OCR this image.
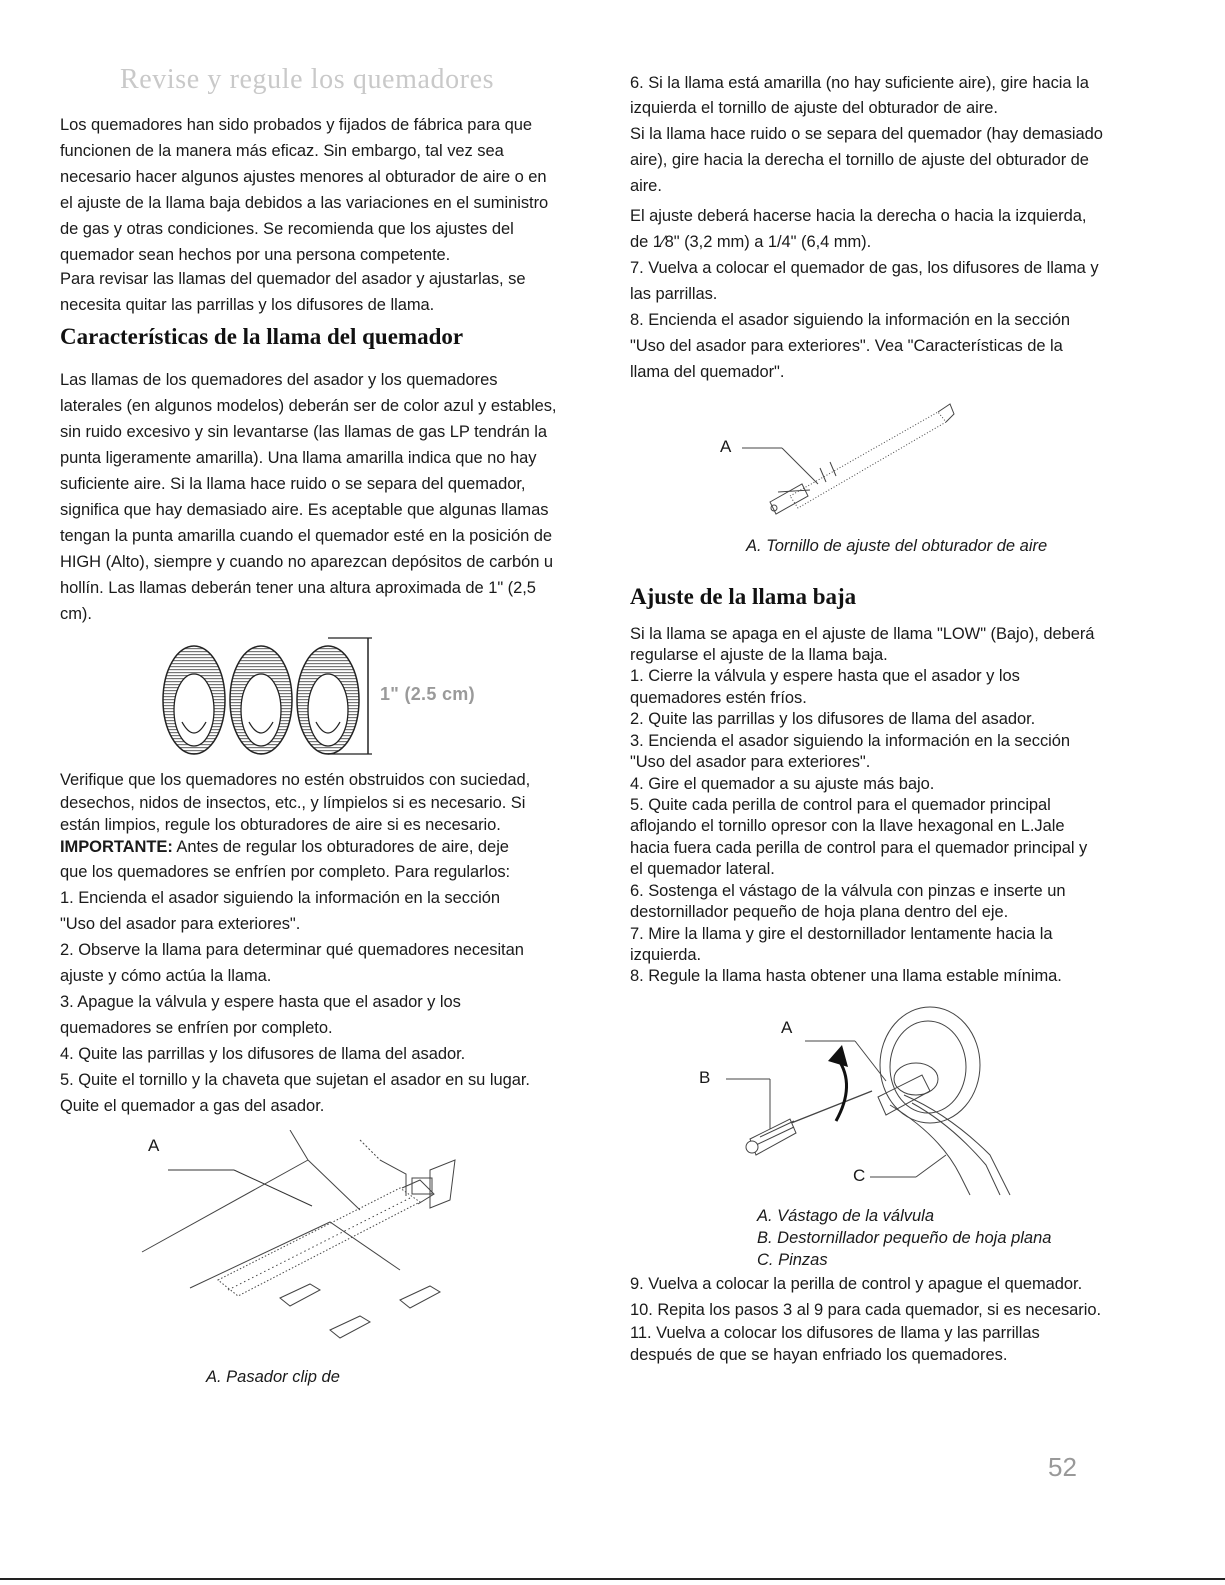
Revise y regule los quemadores

Los quemadores han sido probados y fijados de fábrica para que

funcionen de la manera más eficaz. Sin embargo, tal vez sea

necesario hacer algunos ajustes menores al obturador de aire o en

el ajuste de la llama baja debidos a las variaciones en el suministro

de gas y otras condiciones. Se recomienda que los ajustes del

quemador sean hechos por una persona competente.

Para revisar las llamas del quemador del asador y ajustarlas, se

necesita quitar las parrillas y los difusores de llama.

Características de la llama del quemador

Las llamas de los quemadores del asador y los quemadores

laterales (en algunos modelos) deberán ser de color azul y estables,

sin ruido excesivo y sin levantarse (las llamas de gas LP tendrán la

punta ligeramente amarilla). Una llama amarilla indica que no hay

suficiente aire. Si la llama hace ruido o se separa del quemador,

significa que hay demasiado aire. Es aceptable que algunas llamas

tengan la punta amarilla cuando el quemador esté en la posición de

HIGH (Alto), siempre y cuando no aparezcan depósitos de carbón u

hollín. Las llamas deberán tener una altura aproximada de 1" (2,5

cm).

1" (2.5 cm)

Verifique que los quemadores no estén obstruidos con suciedad,

desechos, nidos de insectos, etc., y límpielos si es necesario. Si

están limpios, regule los obturadores de aire si es necesario.

IMPORTANTE: Antes de regular los obturadores de aire, deje

que los quemadores se enfríen por completo. Para regularlos:

1. Encienda el asador siguiendo la información en la sección

"Uso del asador para exteriores".

2. Observe la llama para determinar qué quemadores necesitan

ajuste y cómo actúa la llama.

3. Apague la válvula y espere hasta que el asador y los

quemadores se enfríen por completo.

4. Quite las parrillas y los difusores de llama del asador.

5. Quite el tornillo y la chaveta que sujetan el asador en su lugar.

Quite el quemador a gas del asador.

A
A. Pasador clip de

6. Si la llama está amarilla (no hay suficiente aire), gire hacia la

izquierda el tornillo de ajuste del obturador de aire.

Si la llama hace ruido o se separa del quemador (hay demasiado

aire), gire hacia la derecha el tornillo de ajuste del obturador de

aire.

El ajuste deberá hacerse hacia la derecha o hacia la izquierda,

de 1⁄8" (3,2 mm) a 1/4" (6,4 mm).

7. Vuelva a colocar el quemador de gas, los difusores de llama y

las parrillas.

8. Encienda el asador siguiendo la información en la sección

"Uso del asador para exteriores". Vea "Características de la

llama del quemador".

A
A. Tornillo de ajuste del obturador de aire
Ajuste de la llama baja

Si la llama se apaga en el ajuste de llama "LOW" (Bajo), deberá

regularse el ajuste de la llama baja.

1. Cierre la válvula y espere hasta que el asador y los

quemadores estén fríos.

2. Quite las parrillas y los difusores de llama del asador.

3. Encienda el asador siguiendo la información en la sección

"Uso del asador para exteriores".

4. Gire el quemador a su ajuste más bajo.

5. Quite cada perilla de control para el quemador principal

aflojando el tornillo opresor con la llave hexagonal en L.Jale

hacia fuera cada perilla de control para el quemador principal y

el quemador lateral.

6. Sostenga el vástago de la válvula con pinzas e inserte un

destornillador pequeño de hoja plana dentro del eje.

7. Mire la llama y gire el destornillador lentamente hacia la

izquierda.

8. Regule la llama hasta obtener una llama estable mínima.

A
B
C
A. Vástago de la válvula
B. Destornillador pequeño de hoja plana
C. Pinzas

9. Vuelva a colocar la perilla de control y apague el quemador.

10. Repita los pasos 3 al 9 para cada quemador, si es necesario.

11. Vuelva a colocar los difusores de llama y las parrillas

después de que se hayan enfriado los quemadores.

52
